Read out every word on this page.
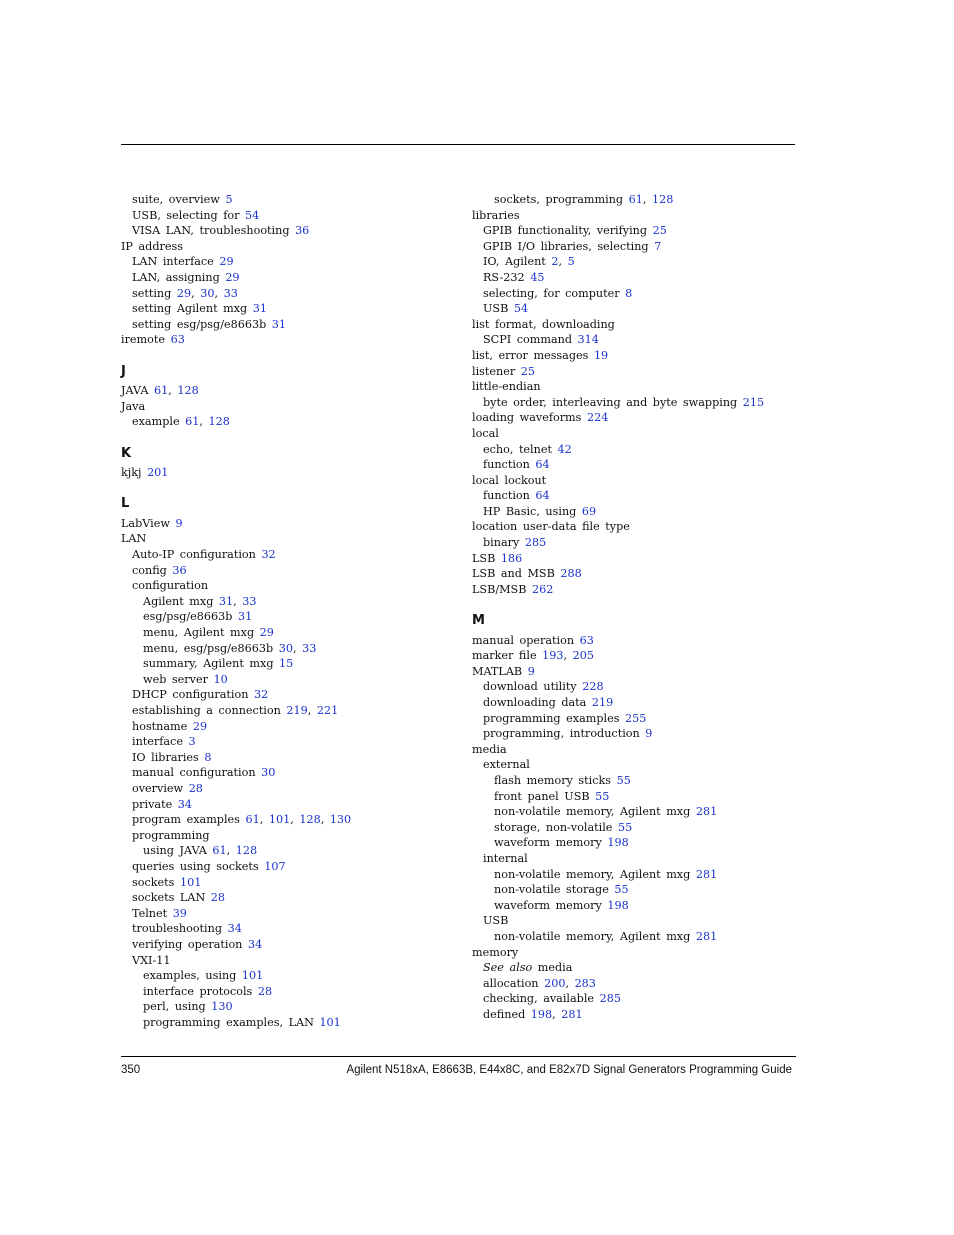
suite, overview 5
USB, selecting for 54
VISA LAN, troubleshooting 36
IP address
LAN interface 29
LAN, assigning 29
setting 29, 30, 33
setting Agilent mxg 31
setting esg/psg/e8663b 31
iremote 63
J
JAVA 61, 128
Java
example 61, 128
K
kjkj 201
L
LabView 9
LAN
Auto-IP configuration 32
config 36
configuration
Agilent mxg 31, 33
esg/psg/e8663b 31
menu, Agilent mxg 29
menu, esg/psg/e8663b 30, 33
summary, Agilent mxg 15
web server 10
DHCP configuration 32
establishing a connection 219, 221
hostname 29
interface 3
IO libraries 8
manual configuration 30
overview 28
private 34
program examples 61, 101, 128, 130
programming
using JAVA 61, 128
queries using sockets 107
sockets 101
sockets LAN 28
Telnet 39
troubleshooting 34
verifying operation 34
VXI-11
examples, using 101
interface protocols 28
perl, using 130
programming examples, LAN 101
sockets, programming 61, 128
libraries
GPIB functionality, verifying 25
GPIB I/O libraries, selecting 7
IO, Agilent 2, 5
RS-232 45
selecting, for computer 8
USB 54
list format, downloading
SCPI command 314
list, error messages 19
listener 25
little-endian
byte order, interleaving and byte swapping 215
loading waveforms 224
local
echo, telnet 42
function 64
local lockout
function 64
HP Basic, using 69
location user-data file type
binary 285
LSB 186
LSB and MSB 288
LSB/MSB 262
M
manual operation 63
marker file 193, 205
MATLAB 9
download utility 228
downloading data 219
programming examples 255
programming, introduction 9
media
external
flash memory sticks 55
front panel USB 55
non-volatile memory, Agilent mxg 281
storage, non-volatile 55
waveform memory 198
internal
non-volatile memory, Agilent mxg 281
non-volatile storage 55
waveform memory 198
USB
non-volatile memory, Agilent mxg 281
memory
See also media
allocation 200, 283
checking, available 285
defined 198, 281
350	Agilent N518xA, E8663B, E44x8C, and E82x7D Signal Generators Programming Guide
